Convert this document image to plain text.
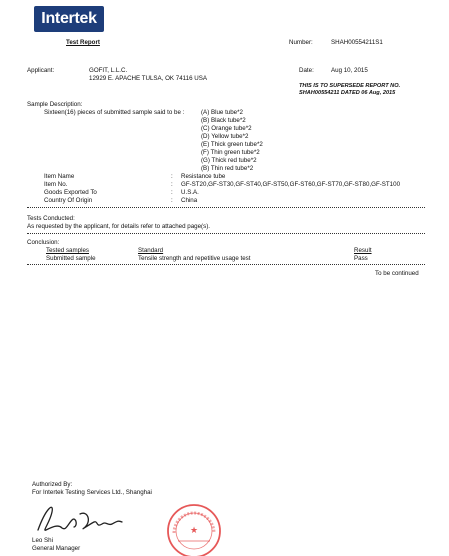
Intertek
Test Report	Number:	SHAH00554211S1
Applicant:	GOFIT, L.L.C.
12929 E. APACHE TULSA, OK 74116 USA
Date:	Aug 10, 2015
THIS IS TO SUPERSEDE REPORT NO.
SHAH00554211 DATED 06 Aug, 2015
Sample Description:
Sixteen(16) pieces of submitted sample said to be :	(A) Blue tube*2
(B) Black tube*2
(C) Orange tube*2
(D) Yellow tube*2
(E) Thick green tube*2
(F) Thin green tube*2
(G) Thick red tube*2
(B) Thin red tube*2
Item Name	: Resistance tube
Item No.	: GF-ST20,GF-ST30,GF-ST40,GF-ST50,GF-ST60,GF-ST70,GF-ST80,GF-ST100
Goods Exported To	: U.S.A.
Country Of Origin	: China
Tests Conducted:
As requested by the applicant, for details refer to attached page(s).
Conclusion:
Tested samples	Standard	Result
Submitted sample	Tensile strength and repetitive usage test	Pass
To be continued
Authorized By:
For Intertek Testing Services Ltd., Shanghai
Leo Shi
General Manager
★
